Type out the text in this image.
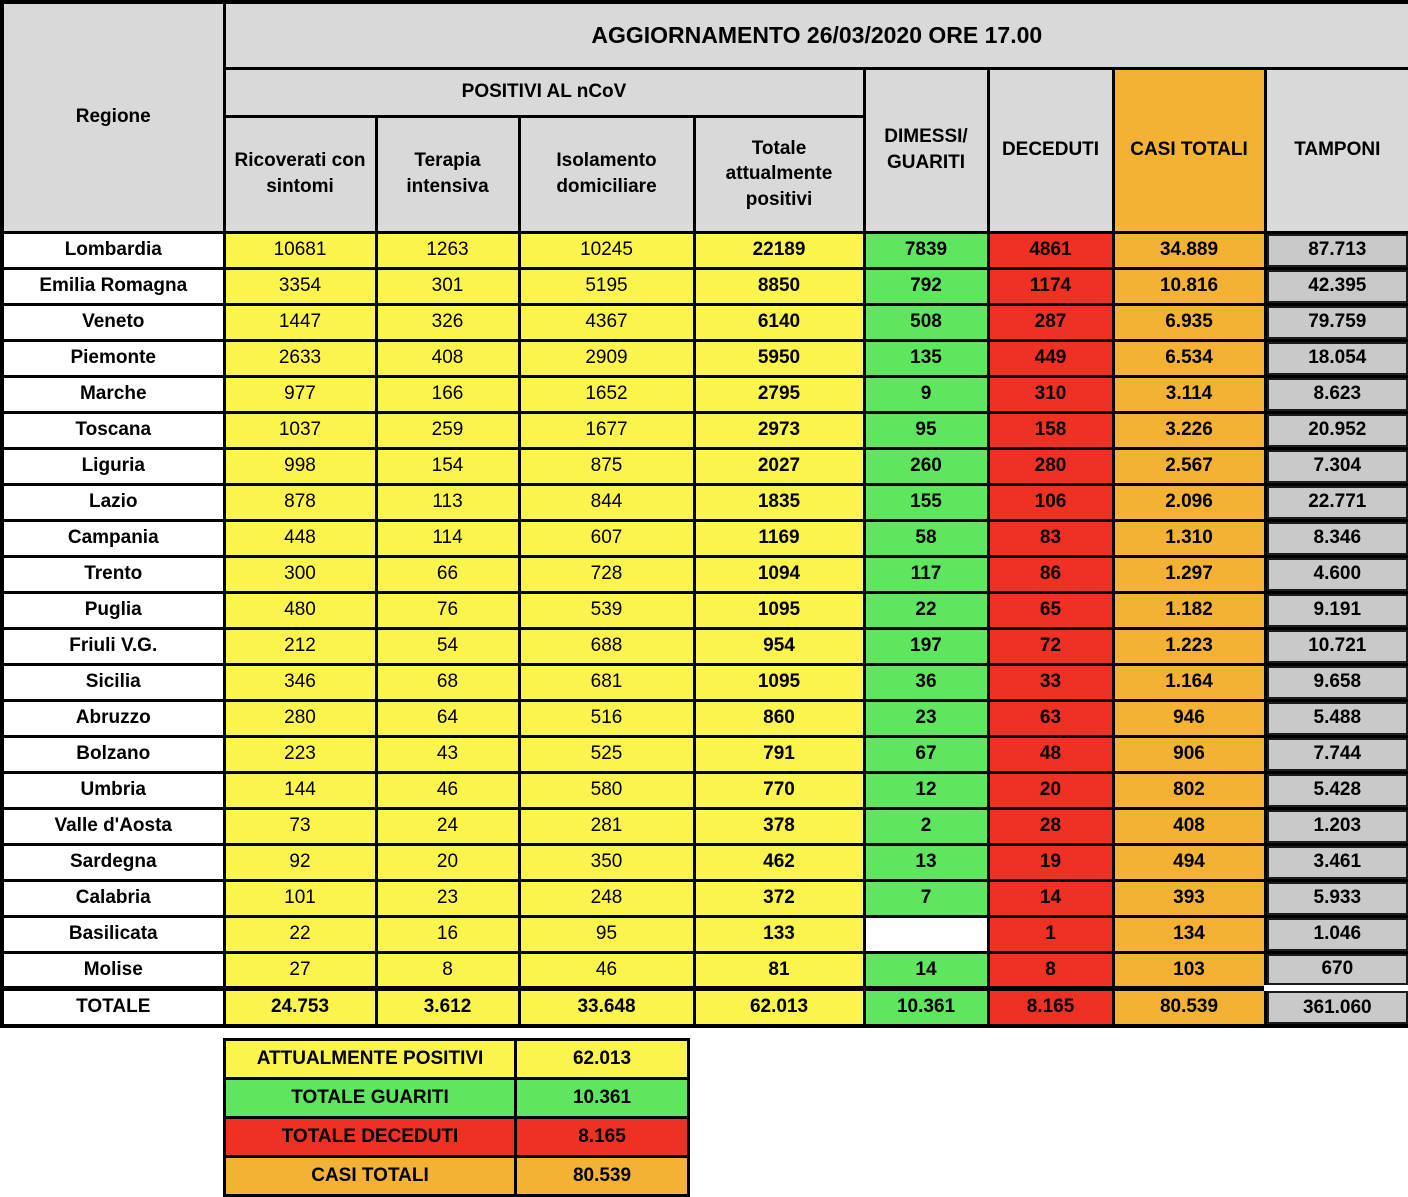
Regione	AGGIORNAMENTO 26/03/2020 ORE 17.00							
	POSITIVI AL nCoV				DIMESSI/ GUARITI	DECEDUTI	CASI TOTALI	TAMPONI
	Ricoverati con sintomi	Terapia intensiva	Isolamento domiciliare	Totale attualmente positivi				
Lombardia	10681	1263	10245	22189	7839	4861	34.889	87.713
Emilia Romagna	3354	301	5195	8850	792	1174	10.816	42.395
Veneto	1447	326	4367	6140	508	287	6.935	79.759
Piemonte	2633	408	2909	5950	135	449	6.534	18.054
Marche	977	166	1652	2795	9	310	3.114	8.623
Toscana	1037	259	1677	2973	95	158	3.226	20.952
Liguria	998	154	875	2027	260	280	2.567	7.304
Lazio	878	113	844	1835	155	106	2.096	22.771
Campania	448	114	607	1169	58	83	1.310	8.346
Trento	300	66	728	1094	117	86	1.297	4.600
Puglia	480	76	539	1095	22	65	1.182	9.191
Friuli V.G.	212	54	688	954	197	72	1.223	10.721
Sicilia	346	68	681	1095	36	33	1.164	9.658
Abruzzo	280	64	516	860	23	63	946	5.488
Bolzano	223	43	525	791	67	48	906	7.744
Umbria	144	46	580	770	12	20	802	5.428
Valle d'Aosta	73	24	281	378	2	28	408	1.203
Sardegna	92	20	350	462	13	19	494	3.461
Calabria	101	23	248	372	7	14	393	5.933
Basilicata	22	16	95	133		1	134	1.046
Molise	27	8	46	81	14	8	103	670
TOTALE	24.753	3.612	33.648	62.013	10.361	8.165	80.539	361.060
ATTUALMENTE POSITIVI	62.013
TOTALE GUARITI	10.361
TOTALE DECEDUTI	8.165
CASI TOTALI	80.539
